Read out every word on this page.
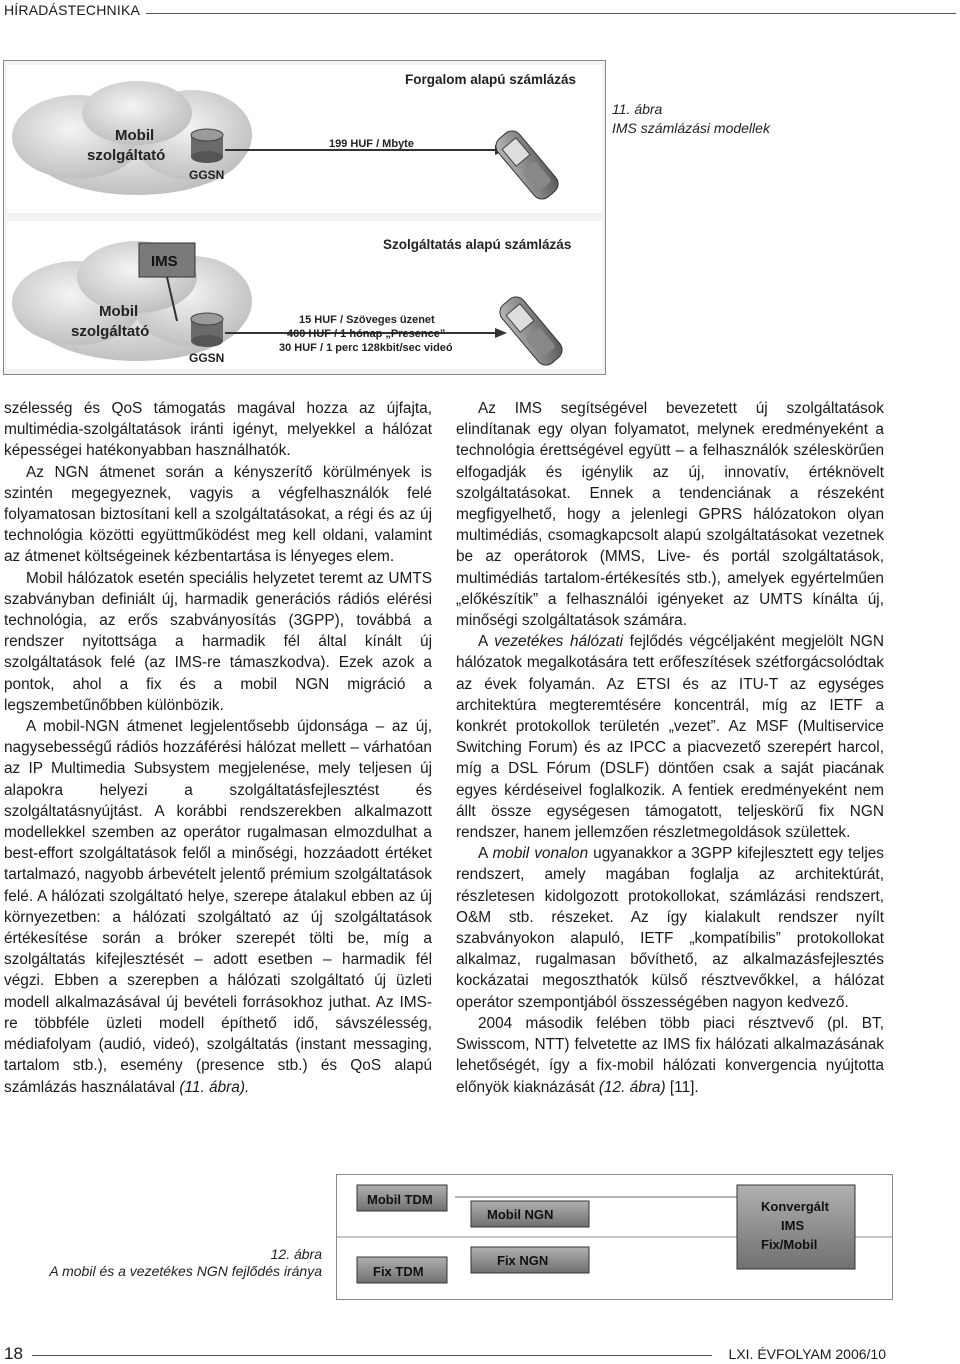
HÍRADÁSTECHNIKA
Forgalom alapú számlázás
Mobil
szolgáltató
GGSN
199 HUF / Mbyte
Szolgáltatás alapú számlázás
IMS
Mobil
szolgáltató
GGSN
15 HUF / Szöveges üzenet
400 HUF / 1 hónap „Presence”
30 HUF / 1 perc 128kbit/sec videó
11. ábra
IMS számlázási modellek

szélesség és QoS támogatás magával hozza az újfajta, multimédia-szolgáltatások iránti igényt, melyekkel a hálózat képességei hatékonyabban használhatók.

Az NGN átmenet során a kényszerítő körülmények is szintén megegyeznek, vagyis a végfelhasználók felé folyamatosan biztosítani kell a szolgáltatásokat, a régi és az új technológia közötti együttműködést meg kell oldani, valamint az átmenet költségeinek kézbentartása is lényeges elem.

Mobil hálózatok esetén speciális helyzetet teremt az UMTS szabványban definiált új, harmadik generációs rádiós elérési technológia, az erős szabványosítás (3GPP), továbbá a rendszer nyitottsága a harmadik fél által kínált új szolgáltatások felé (az IMS-re támaszkodva). Ezek azok a pontok, ahol a fix és a mobil NGN migráció a legszembetűnőbben különbözik.

A mobil-NGN átmenet legjelentősebb újdonsága – az új, nagysebességű rádiós hozzáférési hálózat mellett – várhatóan az IP Multimedia Subsystem megjelenése, mely teljesen új alapokra helyezi a szolgáltatásfejlesztést és szolgáltatásnyújtást. A korábbi rendszerekben alkalmazott modellekkel szemben az operátor rugalmasan elmozdulhat a best-effort szolgáltatások felől a minőségi, hozzáadott értéket tartalmazó, nagyobb árbevételt jelentő prémium szolgáltatások felé. A hálózati szolgáltató helye, szerepe átalakul ebben az új környezetben: a hálózati szolgáltató az új szolgáltatások értékesítése során a bróker szerepét tölti be, míg a szolgáltatás kifejlesztését – adott esetben – harmadik fél végzi. Ebben a szerepben a hálózati szolgáltató új üzleti modell alkalmazásával új bevételi forrásokhoz juthat. Az IMS-re többféle üzleti modell építhető idő, sávszélesség, médiafolyam (audió, videó), szolgáltatás (instant messaging, tartalom stb.), esemény (presence stb.) és QoS alapú számlázás használatával (11. ábra).

Az IMS segítségével bevezetett új szolgáltatások elindítanak egy olyan folyamatot, melynek eredményeként a technológia érettségével együtt – a felhasználók széleskörűen elfogadják és igénylik az új, innovatív, értéknövelt szolgáltatásokat. Ennek a tendenciának a részeként megfigyelhető, hogy a jelenlegi GPRS hálózatokon olyan multimédiás, csomagkapcsolt alapú szolgáltatásokat vezetnek be az operátorok (MMS, Live- és portál szolgáltatások, multimédiás tartalom-értékesítés stb.), amelyek egyértelműen „előkészítik” a felhasználói igényeket az UMTS kínálta új, minőségi szolgáltatások számára.

A vezetékes hálózati fejlődés végcéljaként megjelölt NGN hálózatok megalkotására tett erőfeszítések szétforgácsolódtak az évek folyamán. Az ETSI és az ITU-T az egységes architektúra megteremtésére koncentrál, míg az IETF a konkrét protokollok területén „vezet”. Az MSF (Multiservice Switching Forum) és az IPCC a piacvezető szerepért harcol, míg a DSL Fórum (DSLF) döntően csak a saját piacának egyes kérdéseivel foglalkozik. A fentiek eredményeként nem állt össze egységesen támogatott, teljeskörű fix NGN rendszer, hanem jellemzően részletmegoldások születtek.

A mobil vonalon ugyanakkor a 3GPP kifejlesztett egy teljes rendszert, amely magában foglalja az architektúrát, részletesen kidolgozott protokollokat, számlázási rendszert, O&M stb. részeket. Az így kialakult rendszer nyílt szabványokon alapuló, IETF „kompatíbilis” protokollokat alkalmaz, rugalmasan bővíthető, az alkalmazásfejlesztés kockázatai megoszthatók külső résztvevőkkel, a hálózat operátor szempontjából összességében nagyon kedvező.

2004 második felében több piaci résztvevő (pl. BT, Swisscom, NTT) felvetette az IMS fix hálózati alkalmazásának lehetőségét, így a fix-mobil hálózati konvergencia nyújtotta előnyök kiaknázását (12. ábra) [11].

Mobil TDM
Mobil NGN
Fix TDM
Fix NGN
Konvergált
IMS
Fix/Mobil
12. ábra
A mobil és a vezetékes NGN fejlődés iránya
18	LXI. ÉVFOLYAM 2006/10
